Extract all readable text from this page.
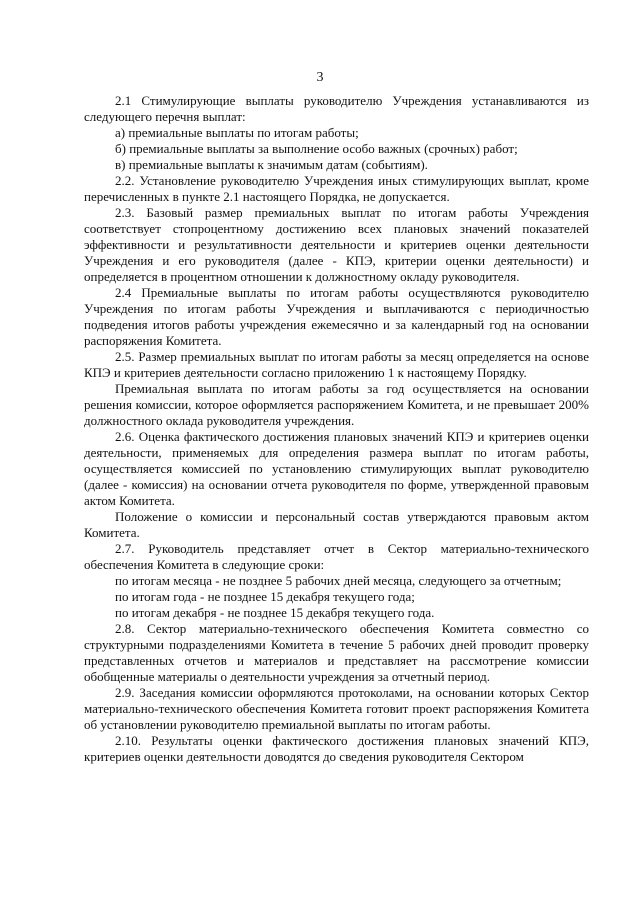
3

2.1 Стимулирующие выплаты руководителю Учреждения устанавливаются из следующего перечня выплат:

а) премиальные выплаты по итогам работы;

б) премиальные выплаты за выполнение особо важных (срочных) работ;

в) премиальные выплаты к значимым датам (событиям).

2.2. Установление руководителю Учреждения иных стимулирующих выплат, кроме перечисленных в пункте 2.1 настоящего Порядка, не допускается.

2.3. Базовый размер премиальных выплат по итогам работы Учреждения соответствует стопроцентному достижению всех плановых значений показателей эффективности и результативности деятельности и критериев оценки деятельности Учреждения и его руководителя (далее - КПЭ, критерии оценки деятельности) и определяется в процентном отношении к должностному окладу руководителя.

2.4 Премиальные выплаты по итогам работы осуществляются руководителю Учреждения по итогам работы Учреждения и выплачиваются с периодичностью подведения итогов работы учреждения ежемесячно и за календарный год на основании распоряжения Комитета.

2.5. Размер премиальных выплат по итогам работы за месяц определяется на основе КПЭ и критериев деятельности согласно приложению 1 к настоящему Порядку.

Премиальная выплата по итогам работы за год осуществляется на основании решения комиссии, которое оформляется распоряжением Комитета, и не превышает 200% должностного оклада руководителя учреждения.

2.6. Оценка фактического достижения плановых значений КПЭ и критериев оценки деятельности, применяемых для определения размера выплат по итогам работы, осуществляется комиссией по установлению стимулирующих выплат руководителю (далее - комиссия) на основании отчета руководителя по форме, утвержденной правовым актом Комитета.

Положение о комиссии и персональный состав утверждаются правовым актом Комитета.

2.7. Руководитель представляет отчет в Сектор материально-технического обеспечения Комитета в следующие сроки:

по итогам месяца - не позднее 5 рабочих дней месяца, следующего за отчетным;

по итогам года - не позднее 15 декабря текущего года;

по итогам декабря - не позднее 15 декабря текущего года.

2.8. Сектор материально-технического обеспечения Комитета совместно со структурными подразделениями Комитета в течение 5 рабочих дней проводит проверку представленных отчетов и материалов и представляет на рассмотрение комиссии обобщенные материалы о деятельности учреждения за отчетный период.

2.9. Заседания комиссии оформляются протоколами, на основании которых Сектор материально-технического обеспечения Комитета готовит проект распоряжения Комитета об установлении руководителю премиальной выплаты по итогам работы.

2.10. Результаты оценки фактического достижения плановых значений КПЭ, критериев оценки деятельности доводятся до сведения руководителя Сектором
